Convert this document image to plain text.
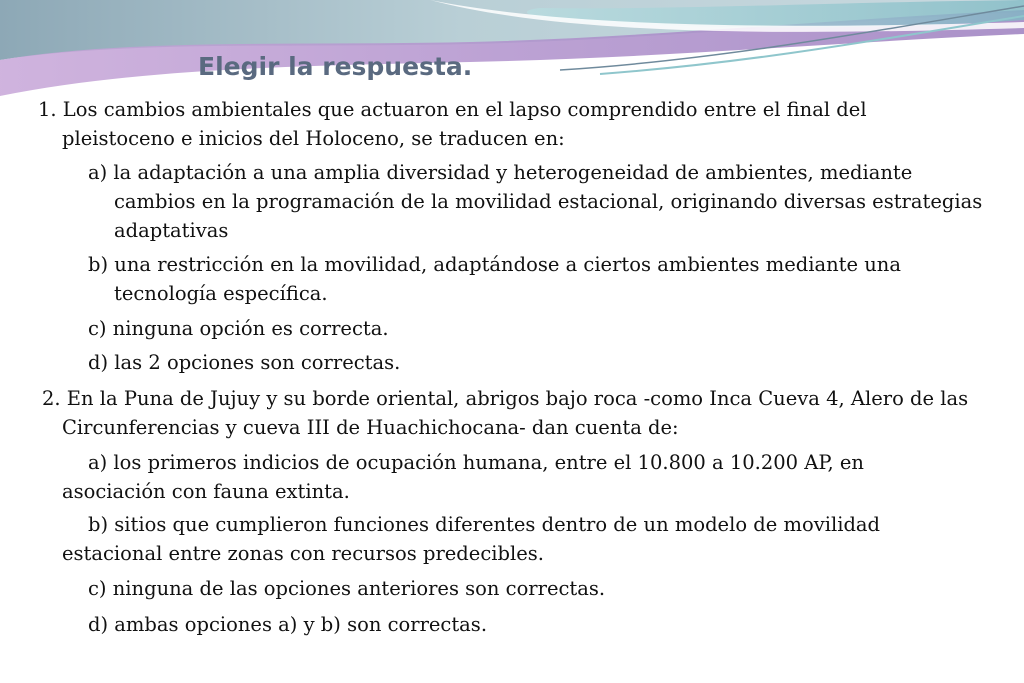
Elegir la respuesta.

1. Los cambios ambientales que actuaron en el lapso comprendido entre el final del pleistoceno e inicios del Holoceno, se traducen en:

a) la adaptación a una amplia diversidad y heterogeneidad de ambientes, mediante cambios en la programación de la movilidad estacional, originando diversas estrategias adaptativas

b) una restricción en la movilidad, adaptándose a ciertos ambientes mediante una tecnología específica.

c) ninguna opción es correcta.

d) las 2 opciones son correctas.

2. En la Puna de Jujuy y su borde oriental, abrigos bajo roca -como Inca Cueva 4, Alero de las Circunferencias y cueva III de Huachichocana- dan cuenta de:

a) los primeros indicios de ocupación humana, entre el 10.800 a 10.200 AP, en asociación con fauna extinta.

b) sitios que cumplieron funciones diferentes dentro de un modelo de movilidad estacional entre zonas con recursos predecibles.

c) ninguna de las opciones anteriores son correctas.

d) ambas opciones a) y b) son correctas.
